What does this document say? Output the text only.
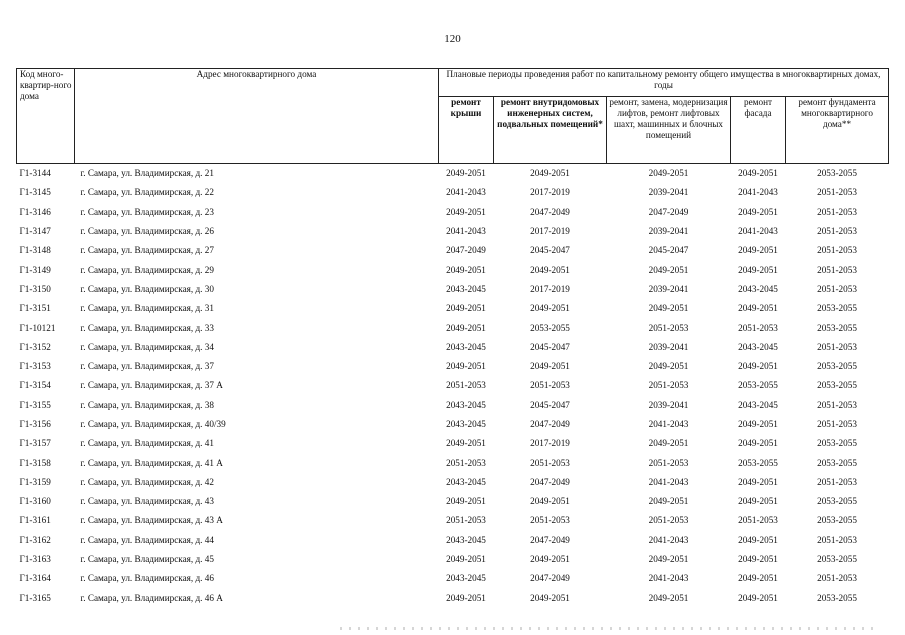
120
Код много-квартир-ного дома	Адрес многоквартирного дома	Плановые периоды проведения работ по капитальному ремонту общего имущества в многоквартирных домах, годы				
		ремонт крыши	ремонт внутридомовых инженерных систем, подвальных помещений*	ремонт, замена, модернизация лифтов, ремонт лифтовых шахт, машинных и блочных помещений	ремонт фасада	ремонт фундамента многоквартирного дома**
Г1-3144	г. Самара, ул. Владимирская, д. 21	2049-2051	2049-2051	2049-2051	2049-2051	2053-2055
Г1-3145	г. Самара, ул. Владимирская, д. 22	2041-2043	2017-2019	2039-2041	2041-2043	2051-2053
Г1-3146	г. Самара, ул. Владимирская, д. 23	2049-2051	2047-2049	2047-2049	2049-2051	2051-2053
Г1-3147	г. Самара, ул. Владимирская, д. 26	2041-2043	2017-2019	2039-2041	2041-2043	2051-2053
Г1-3148	г. Самара, ул. Владимирская, д. 27	2047-2049	2045-2047	2045-2047	2049-2051	2051-2053
Г1-3149	г. Самара, ул. Владимирская, д. 29	2049-2051	2049-2051	2049-2051	2049-2051	2051-2053
Г1-3150	г. Самара, ул. Владимирская, д. 30	2043-2045	2017-2019	2039-2041	2043-2045	2051-2053
Г1-3151	г. Самара, ул. Владимирская, д. 31	2049-2051	2049-2051	2049-2051	2049-2051	2053-2055
Г1-10121	г. Самара, ул. Владимирская, д. 33	2049-2051	2053-2055	2051-2053	2051-2053	2053-2055
Г1-3152	г. Самара, ул. Владимирская, д. 34	2043-2045	2045-2047	2039-2041	2043-2045	2051-2053
Г1-3153	г. Самара, ул. Владимирская, д. 37	2049-2051	2049-2051	2049-2051	2049-2051	2053-2055
Г1-3154	г. Самара, ул. Владимирская, д. 37 А	2051-2053	2051-2053	2051-2053	2053-2055	2053-2055
Г1-3155	г. Самара, ул. Владимирская, д. 38	2043-2045	2045-2047	2039-2041	2043-2045	2051-2053
Г1-3156	г. Самара, ул. Владимирская, д. 40/39	2043-2045	2047-2049	2041-2043	2049-2051	2051-2053
Г1-3157	г. Самара, ул. Владимирская, д. 41	2049-2051	2017-2019	2049-2051	2049-2051	2053-2055
Г1-3158	г. Самара, ул. Владимирская, д. 41 А	2051-2053	2051-2053	2051-2053	2053-2055	2053-2055
Г1-3159	г. Самара, ул. Владимирская, д. 42	2043-2045	2047-2049	2041-2043	2049-2051	2051-2053
Г1-3160	г. Самара, ул. Владимирская, д. 43	2049-2051	2049-2051	2049-2051	2049-2051	2053-2055
Г1-3161	г. Самара, ул. Владимирская, д. 43 А	2051-2053	2051-2053	2051-2053	2051-2053	2053-2055
Г1-3162	г. Самара, ул. Владимирская, д. 44	2043-2045	2047-2049	2041-2043	2049-2051	2051-2053
Г1-3163	г. Самара, ул. Владимирская, д. 45	2049-2051	2049-2051	2049-2051	2049-2051	2053-2055
Г1-3164	г. Самара, ул. Владимирская, д. 46	2043-2045	2047-2049	2041-2043	2049-2051	2051-2053
Г1-3165	г. Самара, ул. Владимирская, д. 46 А	2049-2051	2049-2051	2049-2051	2049-2051	2053-2055
